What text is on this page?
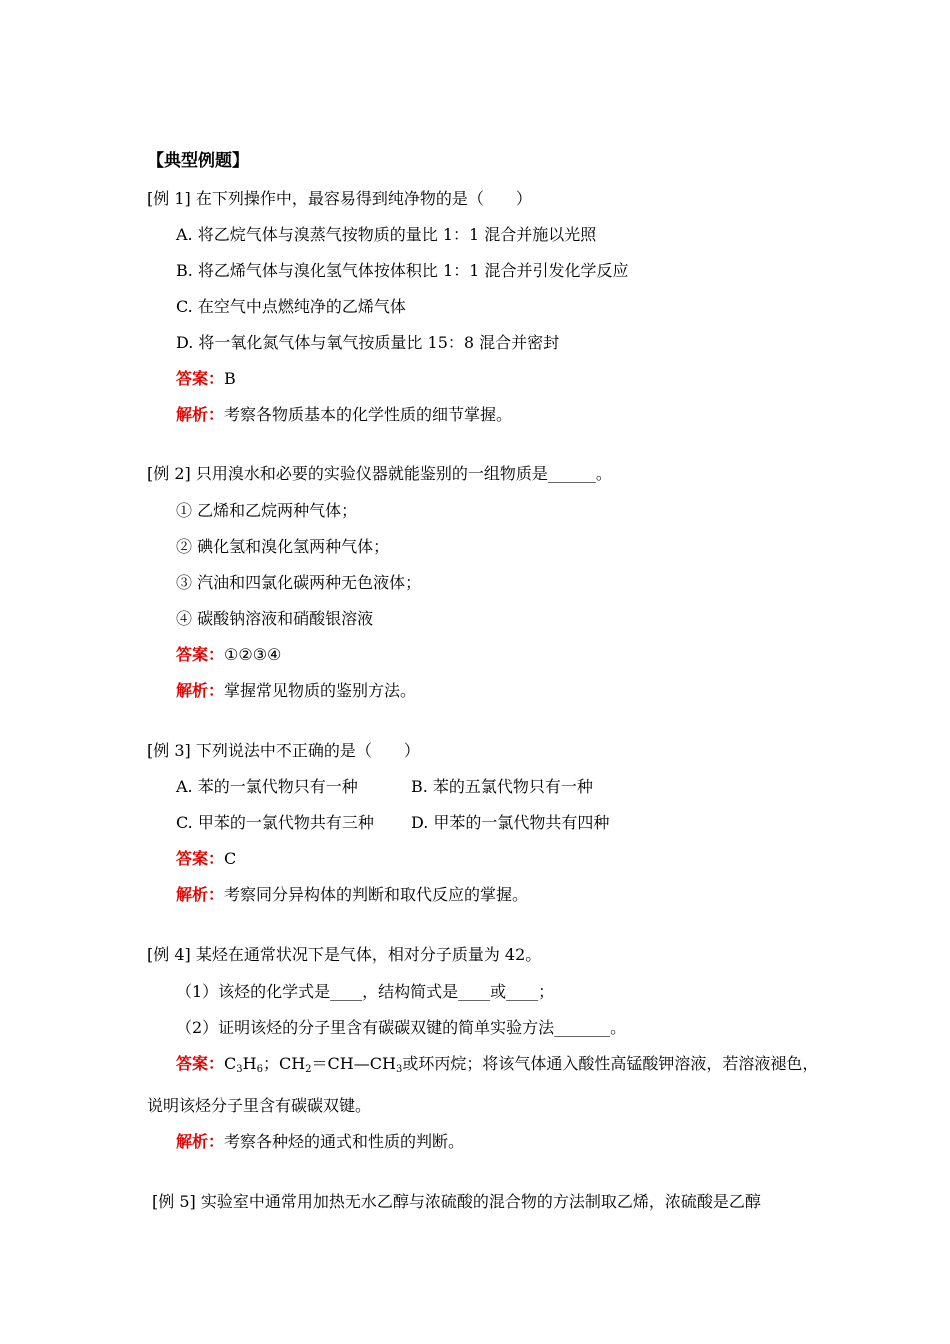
【典型例题】
[例 1] 在下列操作中，最容易得到纯净物的是（　　）
A. 将乙烷气体与溴蒸气按物质的量比 1：1 混合并施以光照
B. 将乙烯气体与溴化氢气体按体积比 1：1 混合并引发化学反应
C. 在空气中点燃纯净的乙烯气体
D. 将一氧化氮气体与氧气按质量比 15：8 混合并密封
答案：B
解析：考察各物质基本的化学性质的细节掌握。
[例 2] 只用溴水和必要的实验仪器就能鉴别的一组物质是______。
① 乙烯和乙烷两种气体；
② 碘化氢和溴化氢两种气体；
③ 汽油和四氯化碳两种无色液体；
④ 碳酸钠溶液和硝酸银溶液
答案：①②③④
解析：掌握常见物质的鉴别方法。
[例 3] 下列说法中不正确的是（　　）
A. 苯的一氯代物只有一种	B. 苯的五氯代物只有一种
C. 甲苯的一氯代物共有三种 D. 甲苯的一氯代物共有四种
答案：C
解析：考察同分异构体的判断和取代反应的掌握。
[例 4] 某烃在通常状况下是气体，相对分子质量为 42。
（1）该烃的化学式是____，结构简式是____或____；
（2）证明该烃的分子里含有碳碳双键的简单实验方法_______。
答案：$C_3H_6$；$CH_2=CH—CH_3$或环丙烷；将该气体通入酸性高锰酸钾溶液，若溶液褪色，
说明该烃分子里含有碳碳双键。
解析：考察各种烃的通式和性质的判断。
[例 5] 实验室中通常用加热无水乙醇与浓硫酸的混合物的方法制取乙烯，浓硫酸是乙醇
